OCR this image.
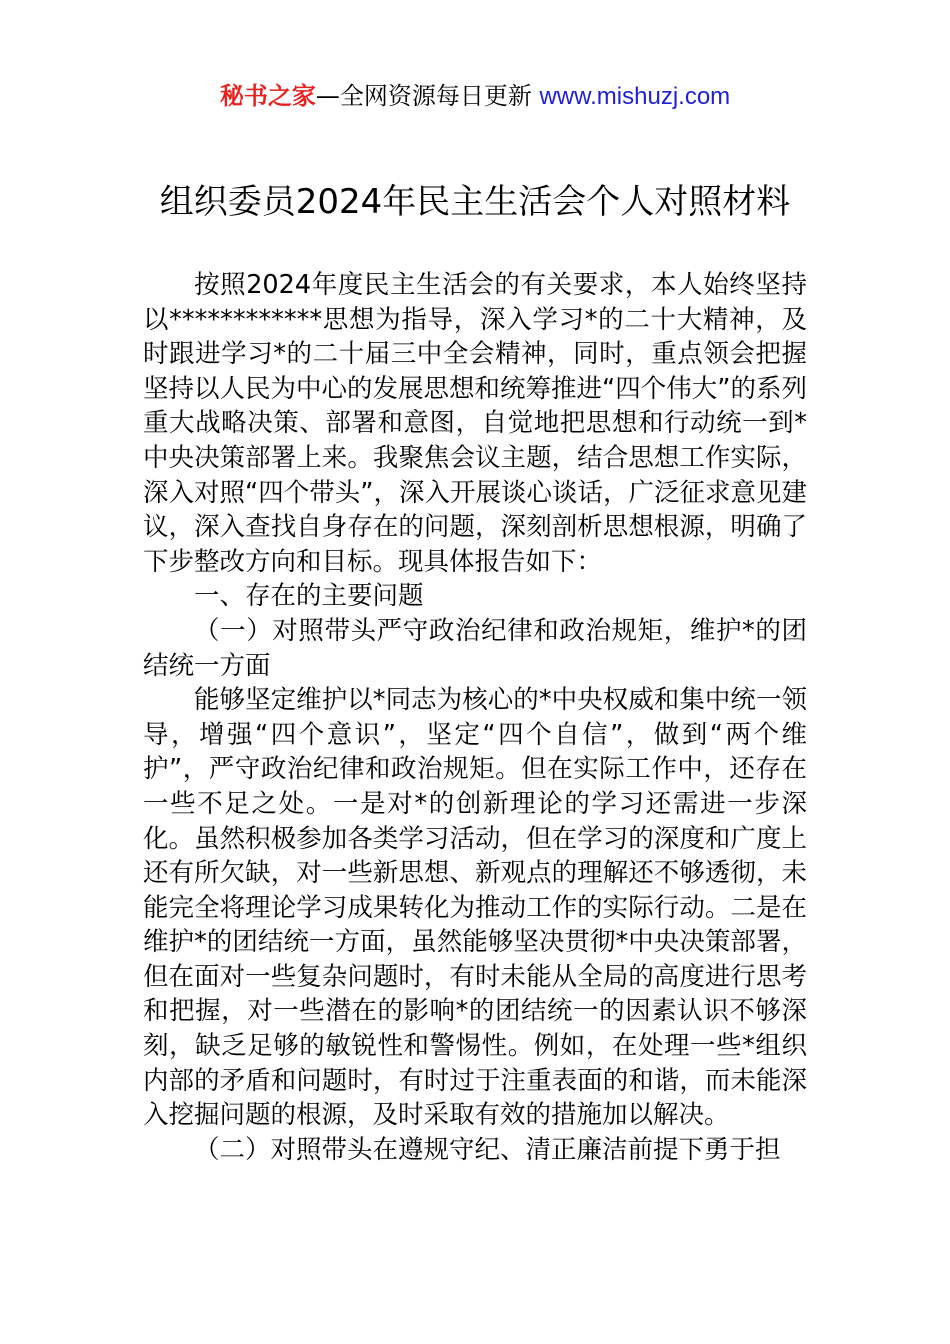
秘书之家—全网资源每日更新 www.mishuzj.com
组织委员2024年民主生活会个人对照材料

按照2024年度民主生活会的有关要求，本人始终坚持以************思想为指导，深入学习*的二十大精神，及时跟进学习*的二十届三中全会精神，同时，重点领会把握坚持以人民为中心的发展思想和统筹推进“四个伟大”的系列重大战略决策、部署和意图，自觉地把思想和行动统一到*中央决策部署上来。我聚焦会议主题，结合思想工作实际，深入对照“四个带头”，深入开展谈心谈话，广泛征求意见建议，深入查找自身存在的问题，深刻剖析思想根源，明确了下步整改方向和目标。现具体报告如下：

一、存在的主要问题

（一）对照带头严守政治纪律和政治规矩，维护*的团结统一方面

能够坚定维护以*同志为核心的*中央权威和集中统一领导，增强“四个意识”，坚定“四个自信”，做到“两个维护”，严守政治纪律和政治规矩。但在实际工作中，还存在一些不足之处。一是对*的创新理论的学习还需进一步深化。虽然积极参加各类学习活动，但在学习的深度和广度上还有所欠缺，对一些新思想、新观点的理解还不够透彻，未能完全将理论学习成果转化为推动工作的实际行动。二是在维护*的团结统一方面，虽然能够坚决贯彻*中央决策部署，但在面对一些复杂问题时，有时未能从全局的高度进行思考和把握，对一些潜在的影响*的团结统一的因素认识不够深刻，缺乏足够的敏锐性和警惕性。例如，在处理一些*组织内部的矛盾和问题时，有时过于注重表面的和谐，而未能深入挖掘问题的根源，及时采取有效的措施加以解决。

（二）对照带头在遵规守纪、清正廉洁前提下勇于担
